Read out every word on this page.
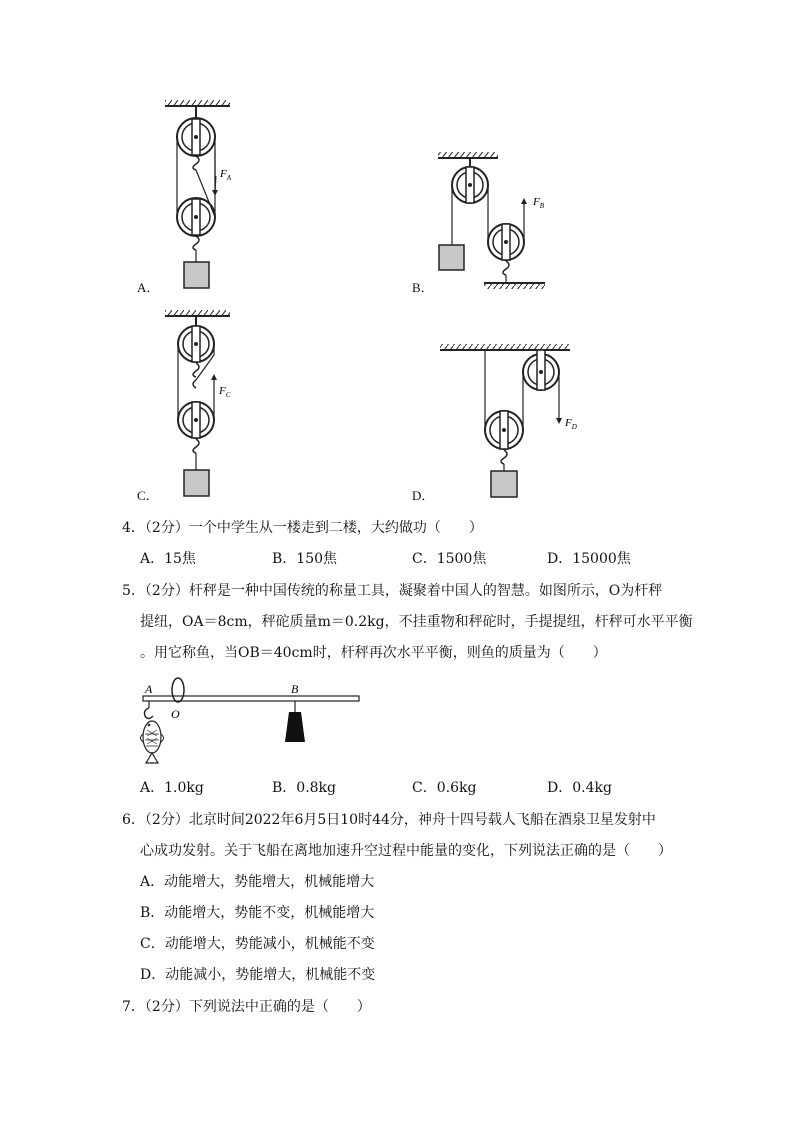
$F_A$
A．
$F_B$
B．
$F_C$
C．
$F_D$
D．
4．（2分）一个中学生从一楼走到二楼，大约做功（　　）
A．15焦	B．150焦	C．1500焦	D．15000焦
5．（2分）杆秤是一种中国传统的称量工具，凝聚着中国人的智慧。如图所示，O为杆秤
提纽，OA＝8cm，秤砣质量m＝0.2kg，不挂重物和秤砣时，手提提纽，杆秤可水平平衡
。用它称鱼，当OB＝40cm时，杆秤再次水平平衡，则鱼的质量为（　　）
A
O
B
A．1.0kg	B．0.8kg	C．0.6kg	D．0.4kg
6．（2分）北京时间2022年6月5日10时44分，神舟十四号载人飞船在酒泉卫星发射中
心成功发射。关于飞船在离地加速升空过程中能量的变化，下列说法正确的是（　　）
A．动能增大，势能增大，机械能增大
B．动能增大，势能不变，机械能增大
C．动能增大，势能减小，机械能不变
D．动能减小，势能增大，机械能不变
7．（2分）下列说法中正确的是（　　）
